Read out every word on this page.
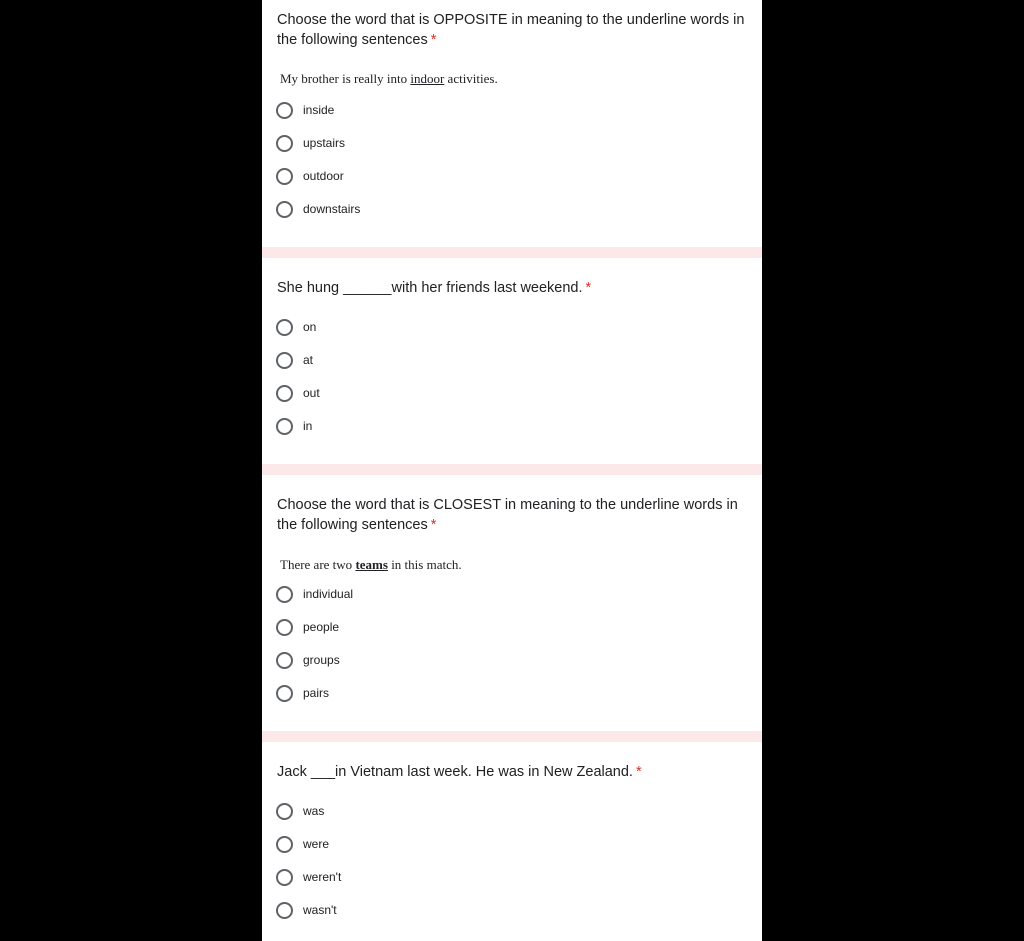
Choose the word that is OPPOSITE in meaning to the underline words in the following sentences *
My brother is really into indoor activities.
inside
upstairs
outdoor
downstairs
She hung ______with her friends last weekend. *
on
at
out
in
Choose the word that is CLOSEST in meaning to the underline words in the following sentences *
There are two teams in this match.
individual
people
groups
pairs
Jack ___in Vietnam last week. He was in New Zealand. *
was
were
weren't
wasn't
